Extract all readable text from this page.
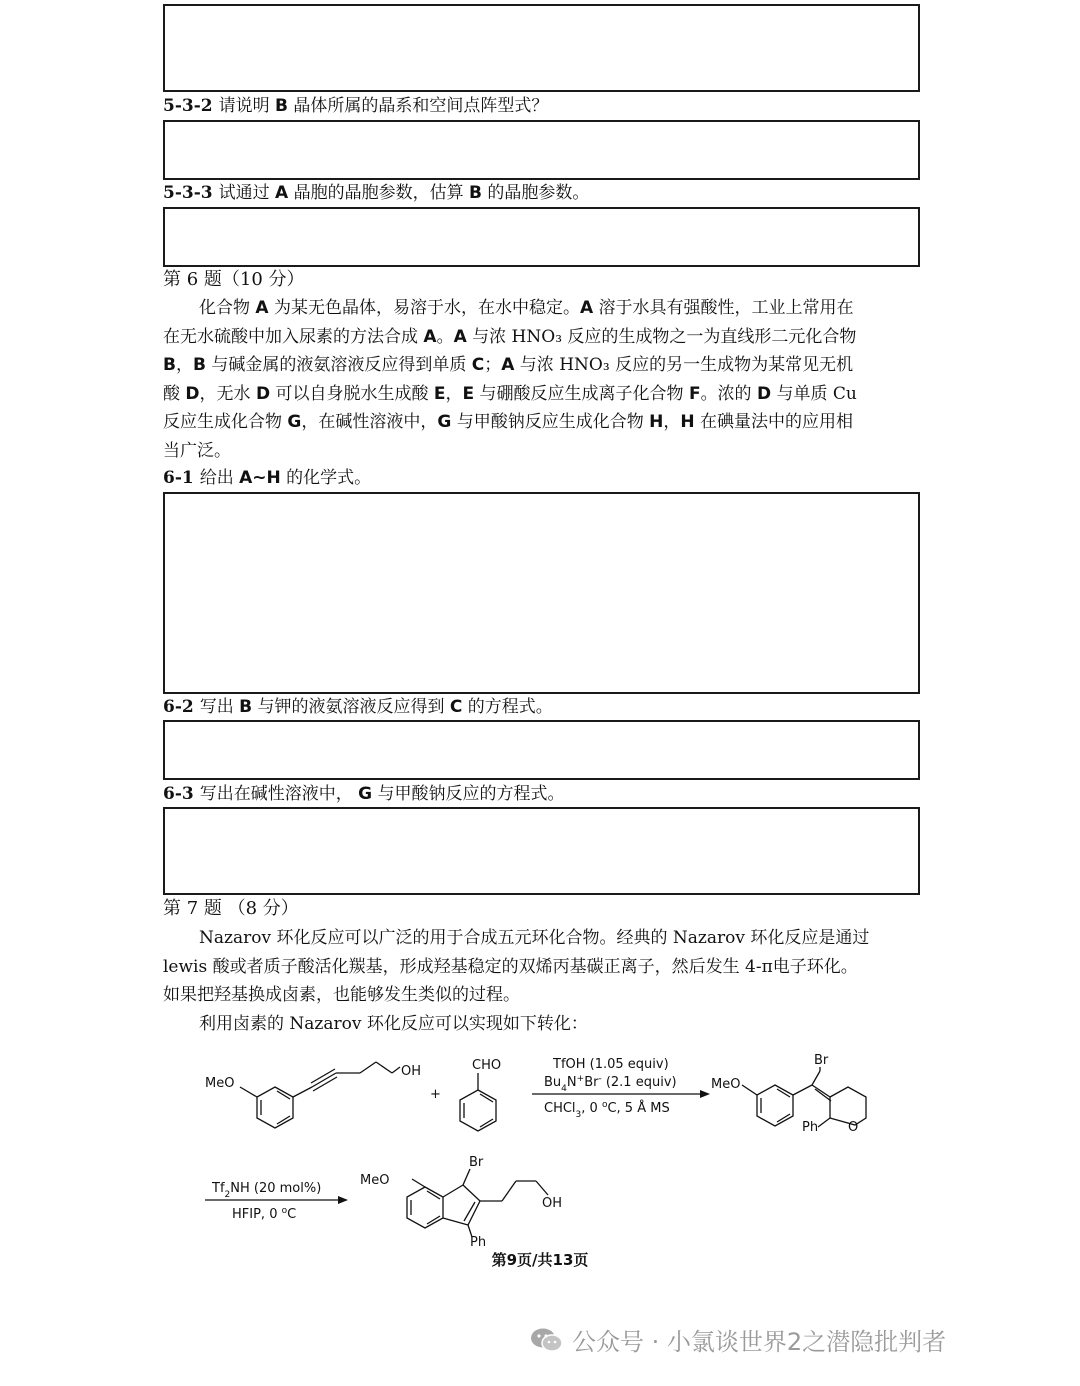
5-3-2 请说明 B 晶体所属的晶系和空间点阵型式？
5-3-3 试通过 A 晶胞的晶胞参数，估算 B 的晶胞参数。
第 6 题（10 分）

化合物 A 为某无色晶体，易溶于水，在水中稳定。A 溶于水具有强酸性，工业上常用在

在无水硫酸中加入尿素的方法合成 A。A 与浓 HNO₃ 反应的生成物之一为直线形二元化合物

B，B 与碱金属的液氨溶液反应得到单质 C；A 与浓 HNO₃ 反应的另一生成物为某常见无机

酸 D，无水 D 可以自身脱水生成酸 E，E 与硼酸反应生成离子化合物 F。浓的 D 与单质 Cu

反应生成化合物 G，在碱性溶液中，G 与甲酸钠反应生成化合物 H，H 在碘量法中的应用相

当广泛。

6-1 给出 A~H 的化学式。
6-2 写出 B 与钾的液氨溶液反应得到 C 的方程式。
6-3 写出在碱性溶液中， G 与甲酸钠反应的方程式。
第 7 题 （8 分）

Nazarov 环化反应可以广泛的用于合成五元环化合物。经典的 Nazarov 环化反应是通过

lewis 酸或者质子酸活化羰基，形成羟基稳定的双烯丙基碳正离子，然后发生 4-π电子环化。

如果把羟基换成卤素，也能够发生类似的过程。

利用卤素的 Nazarov 环化反应可以实现如下转化：

MeO
OH
+
CHO	TfOH (1.05 equiv)
$Bu_4N^+Br^-$ (2.1 equiv)
CHCl$_3$, 0 $^o$C, 5 Å MS
Br
MeO
Ph O
$Tf_2NH$ (20 mol%)
HFIP, 0 $^o$C
MeO
Br
OH
Ph
第9页/共13页
公众号 · 小氯谈世界2之潜隐批判者
